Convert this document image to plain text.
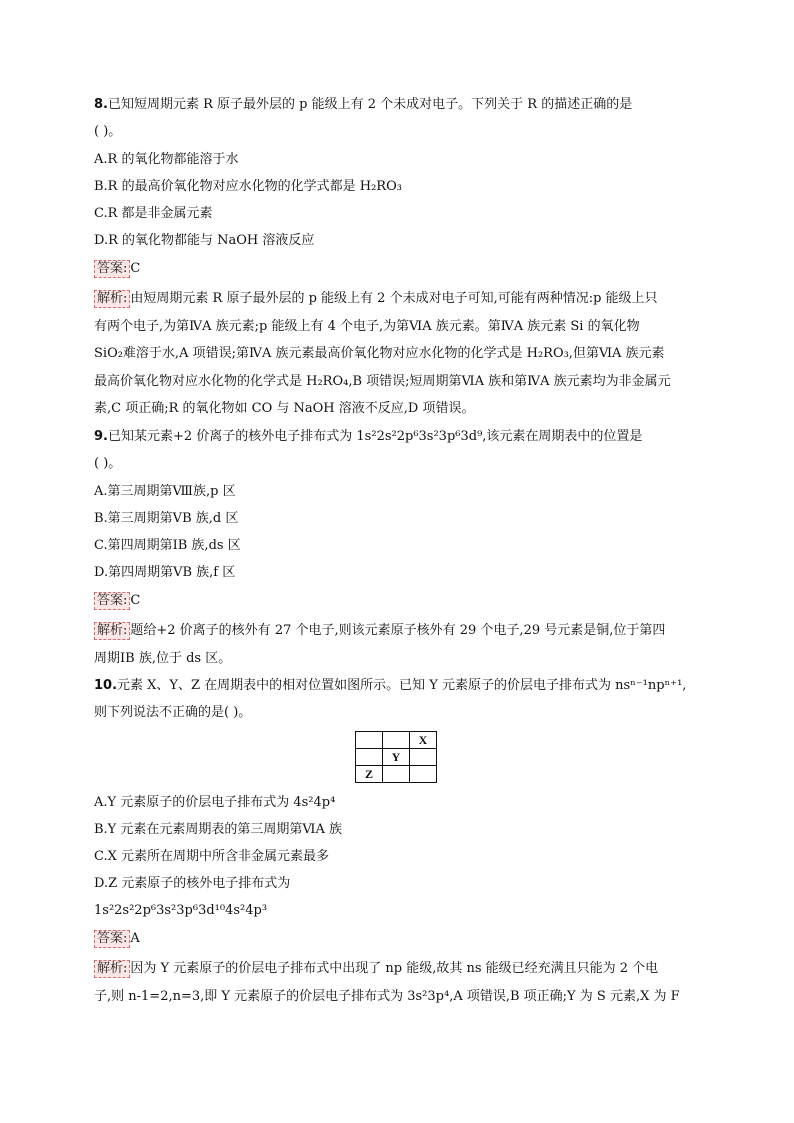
8.已知短周期元素 R 原子最外层的 p 能级上有 2 个未成对电子。下列关于 R 的描述正确的是
( )。
A.R 的氧化物都能溶于水
B.R 的最高价氧化物对应水化物的化学式都是 H₂RO₃
C.R 都是非金属元素
D.R 的氧化物都能与 NaOH 溶液反应
答案: C
解析: 由短周期元素 R 原子最外层的 p 能级上有 2 个未成对电子可知,可能有两种情况:p 能级上只
有两个电子,为第ⅣA 族元素;p 能级上有 4 个电子,为第ⅥA 族元素。第ⅣA 族元素 Si 的氧化物
SiO₂难溶于水,A 项错误;第ⅣA 族元素最高价氧化物对应水化物的化学式是 H₂RO₃,但第ⅥA 族元素
最高价氧化物对应水化物的化学式是 H₂RO₄,B 项错误;短周期第ⅥA 族和第ⅣA 族元素均为非金属元
素,C 项正确;R 的氧化物如 CO 与 NaOH 溶液不反应,D 项错误。
9.已知某元素+2 价离子的核外电子排布式为 1s²2s²2p⁶3s²3p⁶3d⁹,该元素在周期表中的位置是
( )。
A.第三周期第Ⅷ族,p 区
B.第三周期第ⅤB 族,d 区
C.第四周期第ⅠB 族,ds 区
D.第四周期第ⅤB 族,f 区
答案: C
解析: 题给+2 价离子的核外有 27 个电子,则该元素原子核外有 29 个电子,29 号元素是铜,位于第四
周期ⅠB 族,位于 ds 区。
10.元素 X、Y、Z 在周期表中的相对位置如图所示。已知 Y 元素原子的价层电子排布式为 nsⁿ⁻¹npⁿ⁺¹,
则下列说法不正确的是( )。
		X
	Y	
Z		
A.Y 元素原子的价层电子排布式为 4s²4p⁴
B.Y 元素在元素周期表的第三周期第ⅥA 族
C.X 元素所在周期中所含非金属元素最多
D.Z 元素原子的核外电子排布式为
1s²2s²2p⁶3s²3p⁶3d¹⁰4s²4p³
答案: A
解析: 因为 Y 元素原子的价层电子排布式中出现了 np 能级,故其 ns 能级已经充满且只能为 2 个电
子,则 n-1=2,n=3,即 Y 元素原子的价层电子排布式为 3s²3p⁴,A 项错误,B 项正确;Y 为 S 元素,X 为 F
